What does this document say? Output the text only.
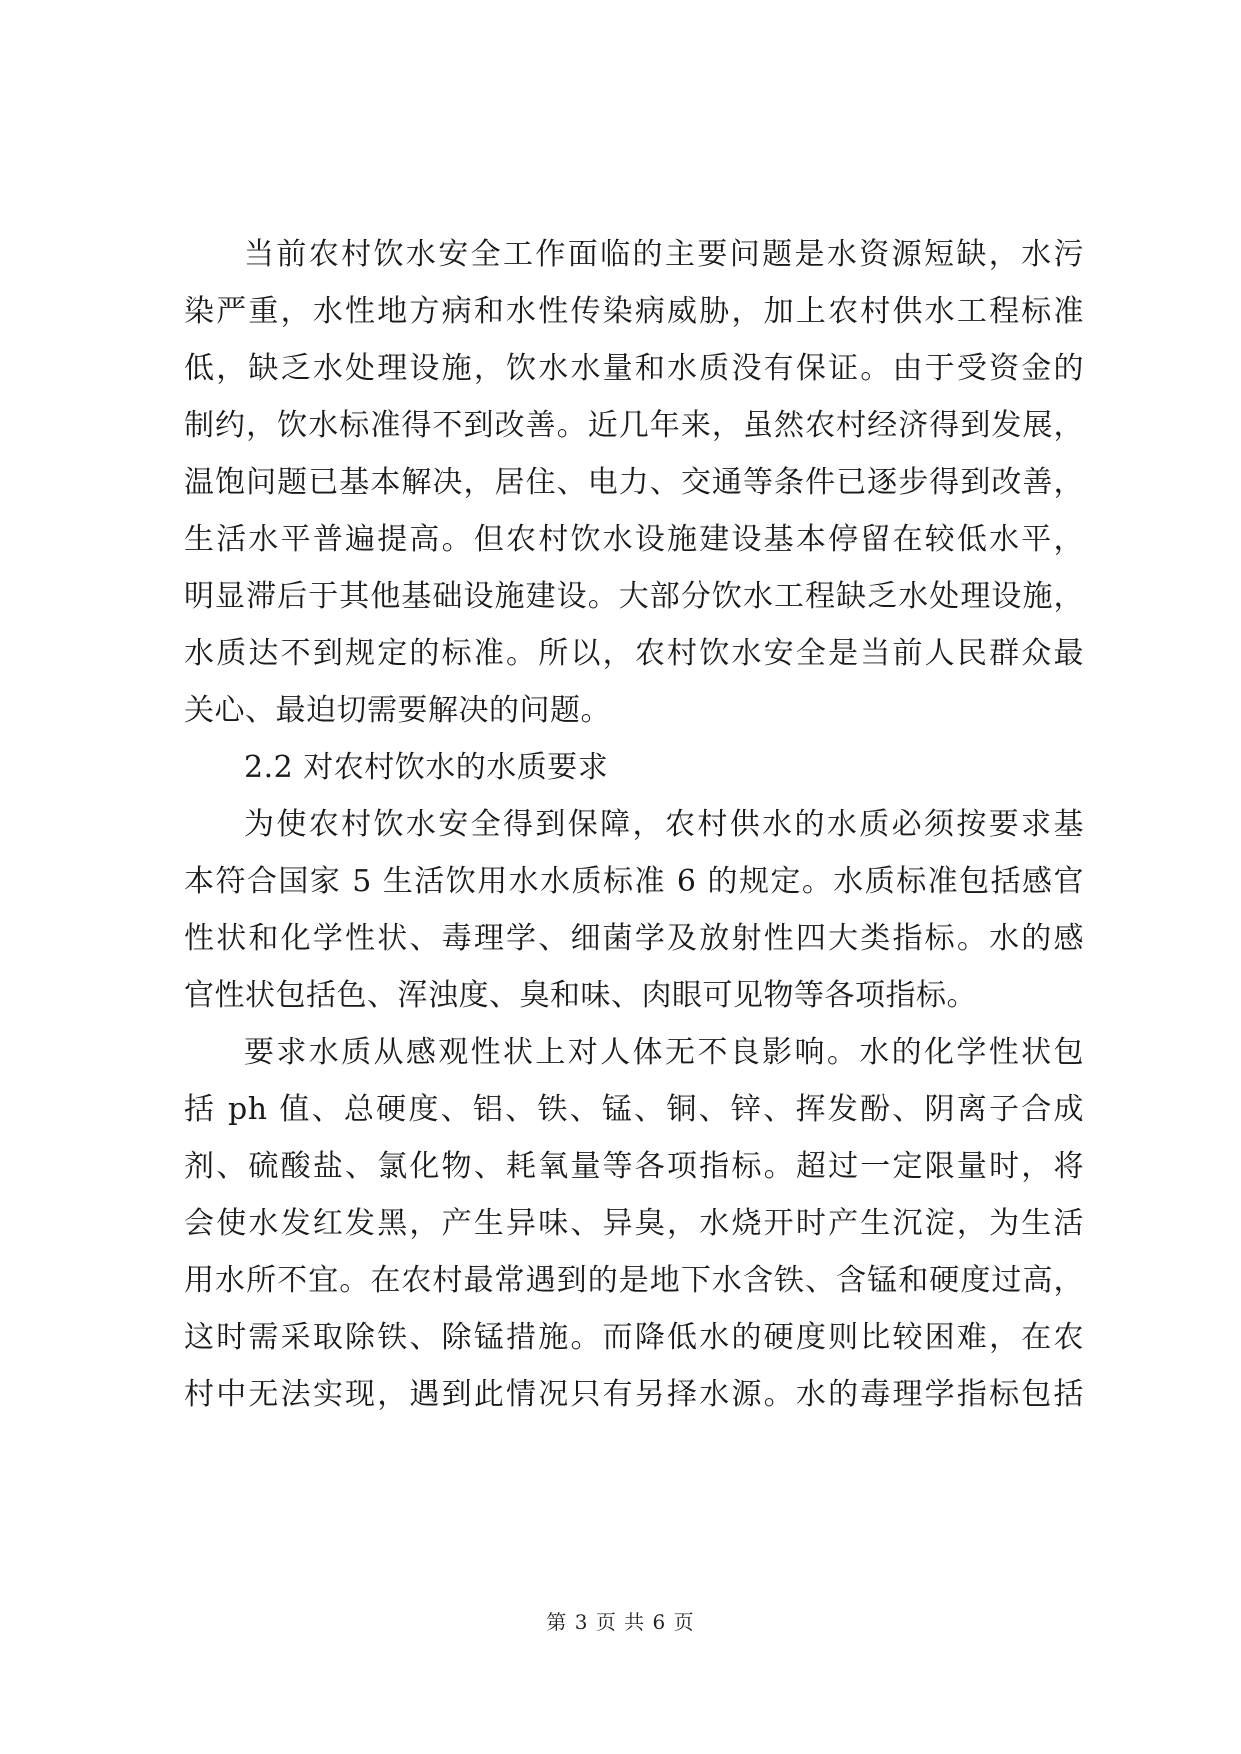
当前农村饮水安全工作面临的主要问题是水资源短缺，水污
染严重，水性地方病和水性传染病威胁，加上农村供水工程标准
低，缺乏水处理设施，饮水水量和水质没有保证。由于受资金的
制约，饮水标准得不到改善。近几年来，虽然农村经济得到发展，
温饱问题已基本解决，居住、电力、交通等条件已逐步得到改善，
生活水平普遍提高。但农村饮水设施建设基本停留在较低水平，
明显滞后于其他基础设施建设。大部分饮水工程缺乏水处理设施，
水质达不到规定的标准。所以，农村饮水安全是当前人民群众最
关心、最迫切需要解决的问题。
2.2 对农村饮水的水质要求
为使农村饮水安全得到保障，农村供水的水质必须按要求基
本符合国家 5 生活饮用水水质标准 6 的规定。水质标准包括感官
性状和化学性状、毒理学、细菌学及放射性四大类指标。水的感
官性状包括色、浑浊度、臭和味、肉眼可见物等各项指标。
要求水质从感观性状上对人体无不良影响。水的化学性状包
括 ph 值、总硬度、铝、铁、锰、铜、锌、挥发酚、阴离子合成
剂、硫酸盐、氯化物、耗氧量等各项指标。超过一定限量时，将
会使水发红发黑，产生异味、异臭，水烧开时产生沉淀，为生活
用水所不宜。在农村最常遇到的是地下水含铁、含锰和硬度过高，
这时需采取除铁、除锰措施。而降低水的硬度则比较困难，在农
村中无法实现，遇到此情况只有另择水源。水的毒理学指标包括
第 3 页 共 6 页
